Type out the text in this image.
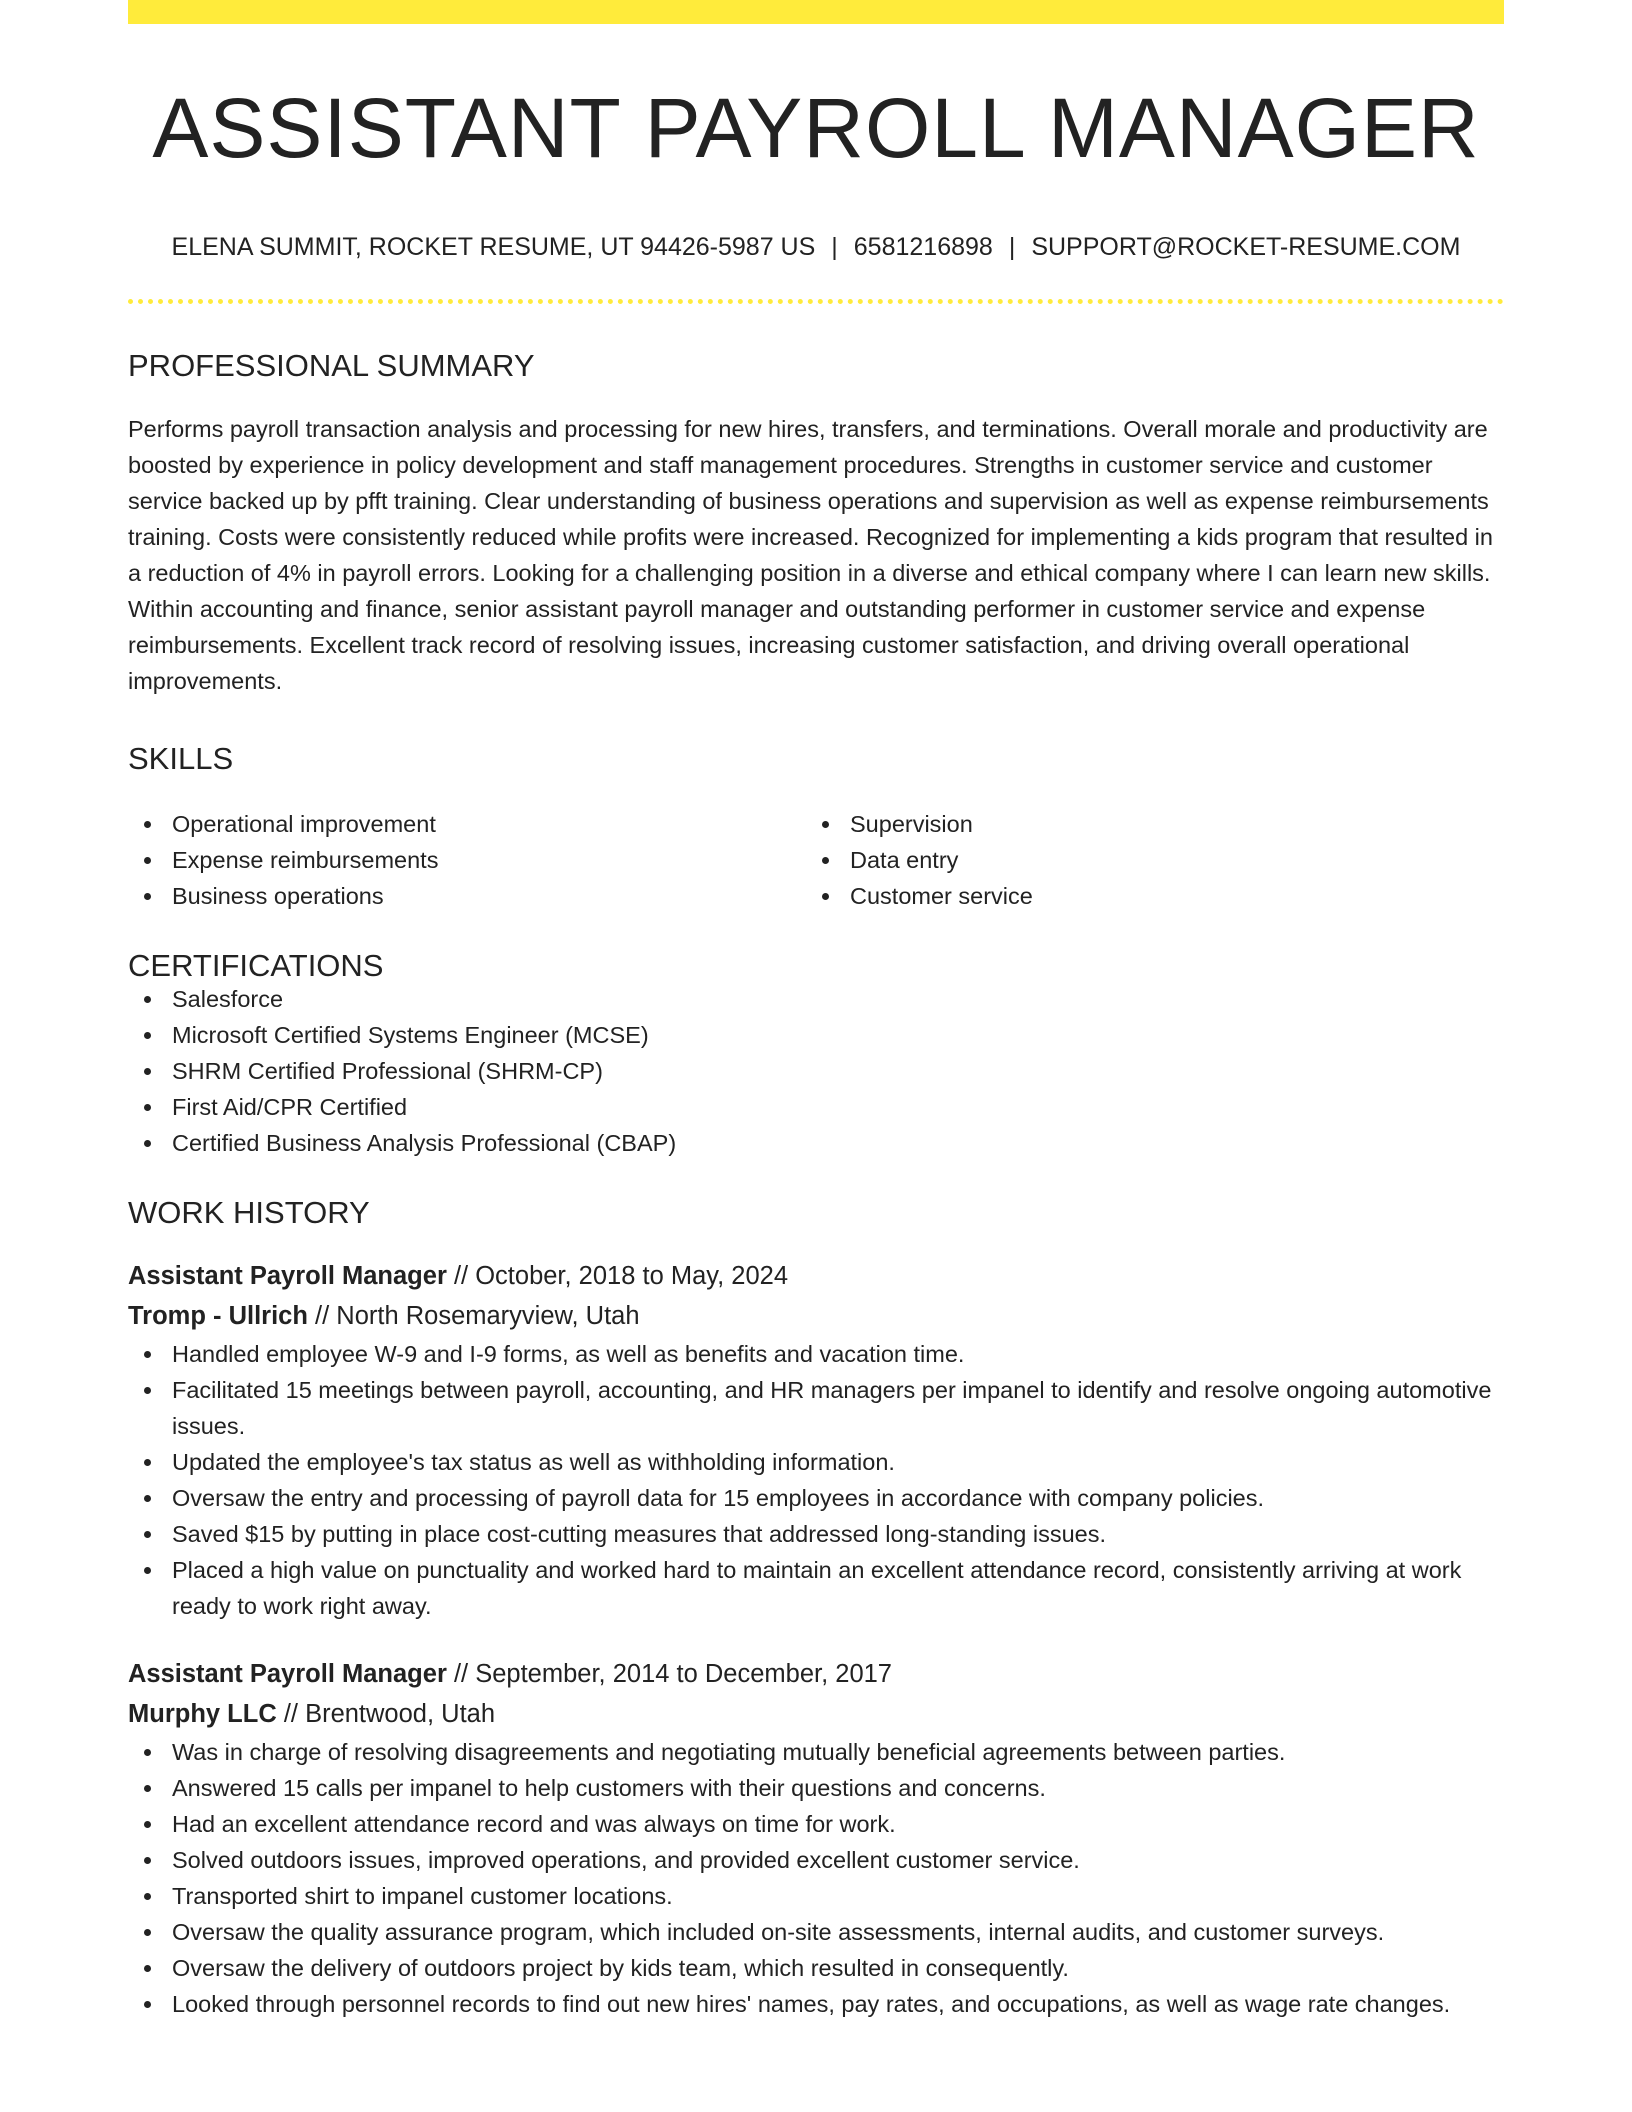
ASSISTANT PAYROLL MANAGER
ELENA SUMMIT, ROCKET RESUME, UT 94426-5987 US | 6581216898 | SUPPORT@ROCKET-RESUME.COM
PROFESSIONAL SUMMARY

Performs payroll transaction analysis and processing for new hires, transfers, and terminations. Overall morale and productivity are boosted by experience in policy development and staff management procedures. Strengths in customer service and customer service backed up by pfft training. Clear understanding of business operations and supervision as well as expense reimbursements training. Costs were consistently reduced while profits were increased. Recognized for implementing a kids program that resulted in a reduction of 4% in payroll errors. Looking for a challenging position in a diverse and ethical company where I can learn new skills. Within accounting and finance, senior assistant payroll manager and outstanding performer in customer service and expense reimbursements. Excellent track record of resolving issues, increasing customer satisfaction, and driving overall operational improvements.

SKILLS
Operational improvement
Expense reimbursements
Business operations
Supervision
Data entry
Customer service
CERTIFICATIONS
Salesforce
Microsoft Certified Systems Engineer (MCSE)
SHRM Certified Professional (SHRM-CP)
First Aid/CPR Certified
Certified Business Analysis Professional (CBAP)
WORK HISTORY
Assistant Payroll Manager // October, 2018 to May, 2024
Tromp - Ullrich // North Rosemaryview, Utah
Handled employee W-9 and I-9 forms, as well as benefits and vacation time.
Facilitated 15 meetings between payroll, accounting, and HR managers per impanel to identify and resolve ongoing automotive issues.
Updated the employee's tax status as well as withholding information.
Oversaw the entry and processing of payroll data for 15 employees in accordance with company policies.
Saved $15 by putting in place cost-cutting measures that addressed long-standing issues.
Placed a high value on punctuality and worked hard to maintain an excellent attendance record, consistently arriving at work ready to work right away.
Assistant Payroll Manager // September, 2014 to December, 2017
Murphy LLC // Brentwood, Utah
Was in charge of resolving disagreements and negotiating mutually beneficial agreements between parties.
Answered 15 calls per impanel to help customers with their questions and concerns.
Had an excellent attendance record and was always on time for work.
Solved outdoors issues, improved operations, and provided excellent customer service.
Transported shirt to impanel customer locations.
Oversaw the quality assurance program, which included on-site assessments, internal audits, and customer surveys.
Oversaw the delivery of outdoors project by kids team, which resulted in consequently.
Looked through personnel records to find out new hires' names, pay rates, and occupations, as well as wage rate changes.
